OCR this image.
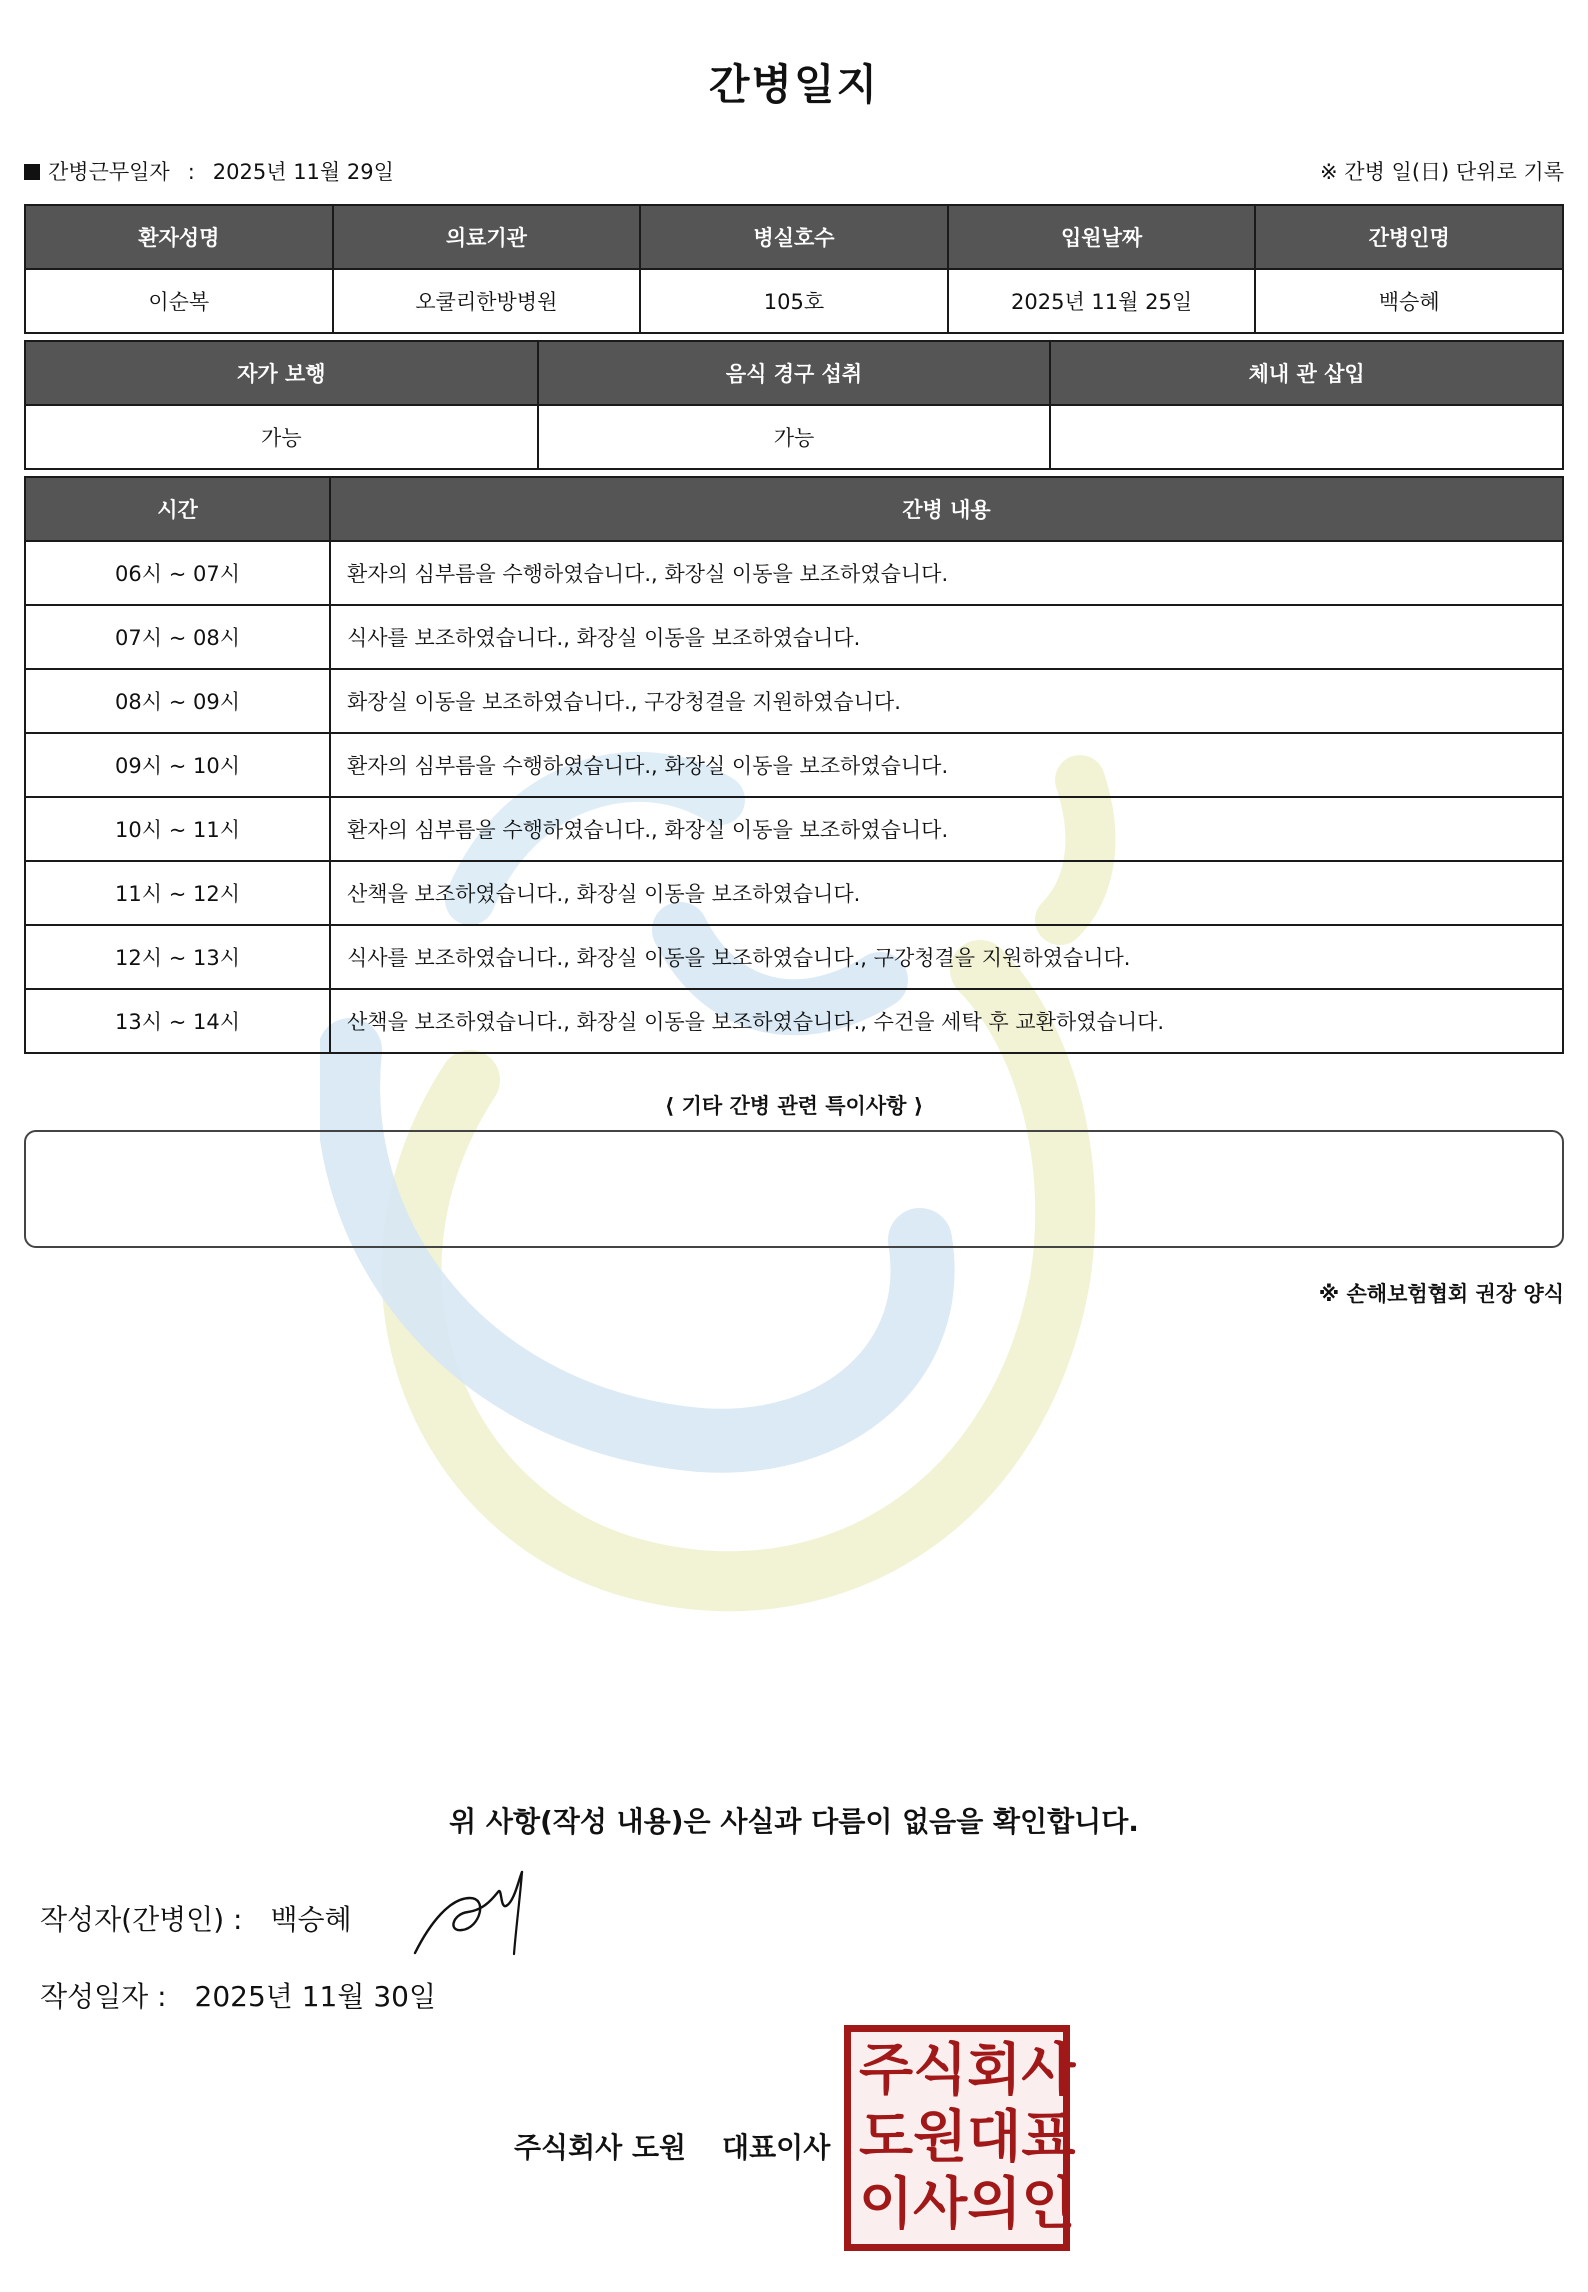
간병일지
간병근무일자 : 2025년 11월 29일	※ 간병 일(日) 단위로 기록
환자성명	의료기관	병실호수	입원날짜	간병인명
이순복	오쿨리한방병원	105호	2025년 11월 25일	백승혜
자가 보행	음식 경구 섭취	체내 관 삽입
가능	가능	
시간	간병 내용
06시 ~ 07시	환자의 심부름을 수행하였습니다., 화장실 이동을 보조하였습니다.
07시 ~ 08시	식사를 보조하였습니다., 화장실 이동을 보조하였습니다.
08시 ~ 09시	화장실 이동을 보조하였습니다., 구강청결을 지원하였습니다.
09시 ~ 10시	환자의 심부름을 수행하였습니다., 화장실 이동을 보조하였습니다.
10시 ~ 11시	환자의 심부름을 수행하였습니다., 화장실 이동을 보조하였습니다.
11시 ~ 12시	산책을 보조하였습니다., 화장실 이동을 보조하였습니다.
12시 ~ 13시	식사를 보조하였습니다., 화장실 이동을 보조하였습니다., 구강청결을 지원하였습니다.
13시 ~ 14시	산책을 보조하였습니다., 화장실 이동을 보조하였습니다., 수건을 세탁 후 교환하였습니다.
⟨ 기타 간병 관련 특이사항 ⟩
※ 손해보험협회 권장 양식
위 사항(작성 내용)은 사실과 다름이 없음을 확인합니다.
작성자(간병인) : 백승혜
작성일자 : 2025년 11월 30일
주식회사 도원 대표이사
주 식 회 사
도 원 대 표
이 사 의 인
